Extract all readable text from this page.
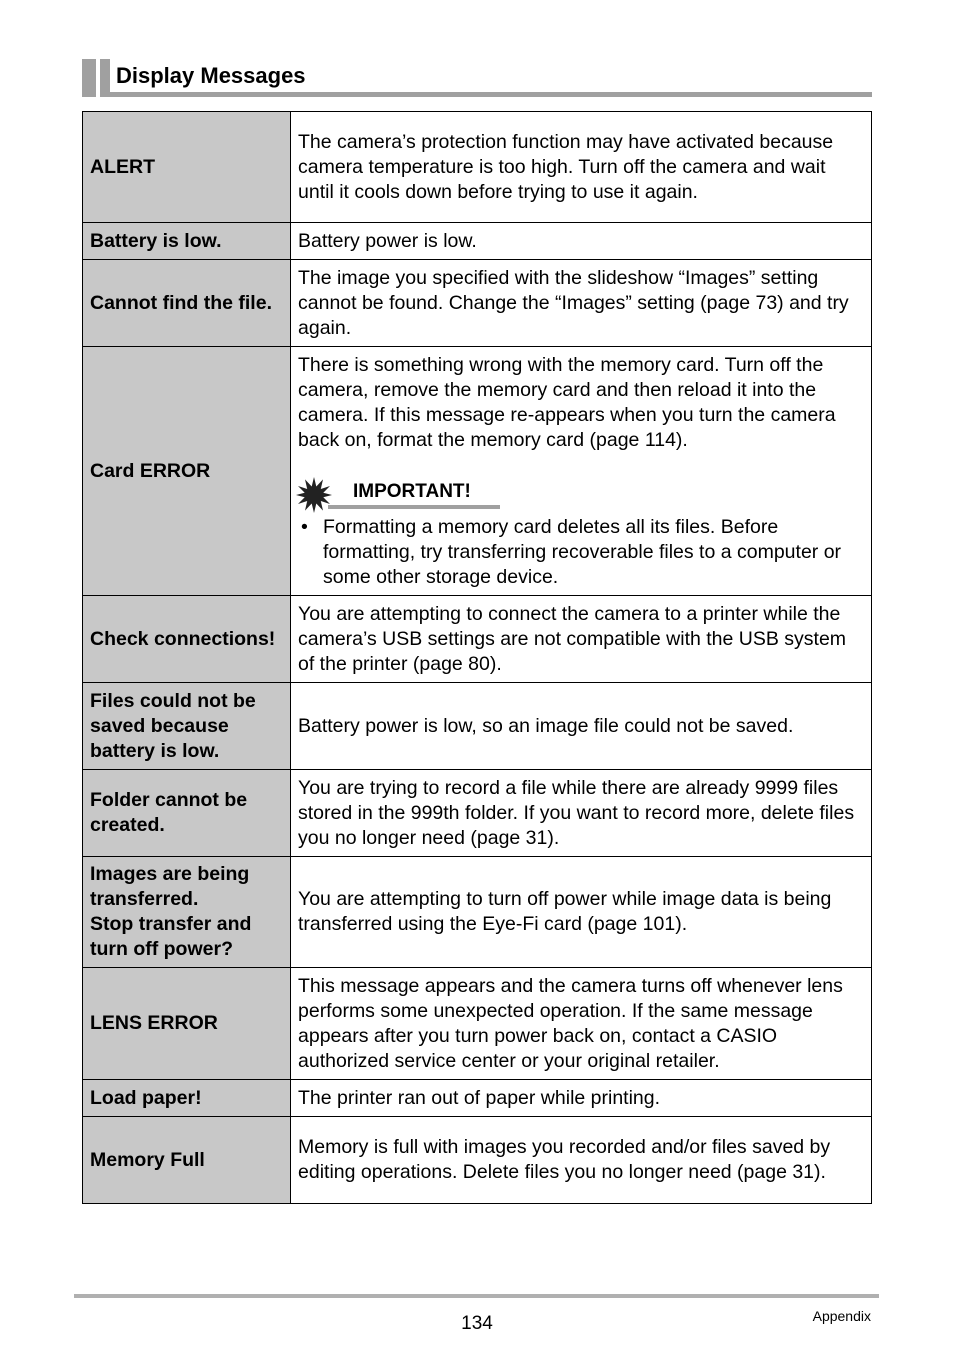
Display Messages
ALERT	The camera’s protection function may have activated because camera temperature is too high. Turn off the camera and wait until it cools down before trying to use it again.
Battery is low.	Battery power is low.
Cannot find the file.	The image you specified with the slideshow “Images” setting cannot be found. Change the “Images” setting (page 73) and try again.
Card ERROR	There is something wrong with the memory card. Turn off the camera, remove the memory card and then reload it into the camera. If this message re-appears when you turn the camera back on, format the memory card (page 114).
IMPORTANT!
• Formatting a memory card deletes all its files. Before formatting, try transferring recoverable files to a computer or some other storage device.

Check connections!	You are attempting to connect the camera to a printer while the camera’s USB settings are not compatible with the USB system of the printer (page 80).
Files could not be saved because battery is low.	Battery power is low, so an image file could not be saved.
Folder cannot be created.	You are trying to record a file while there are already 9999 files stored in the 999th folder. If you want to record more, delete files you no longer need (page 31).

Images are being transferred.
Stop transfer and turn off power?	You are attempting to turn off power while image data is being transferred using the Eye-Fi card (page 101).
LENS ERROR	This message appears and the camera turns off whenever lens performs some unexpected operation. If the same message appears after you turn power back on, contact a CASIO authorized service center or your original retailer.
Load paper!	The printer ran out of paper while printing.
Memory Full	Memory is full with images you recorded and/or files saved by editing operations. Delete files you no longer need (page 31).
134	Appendix
